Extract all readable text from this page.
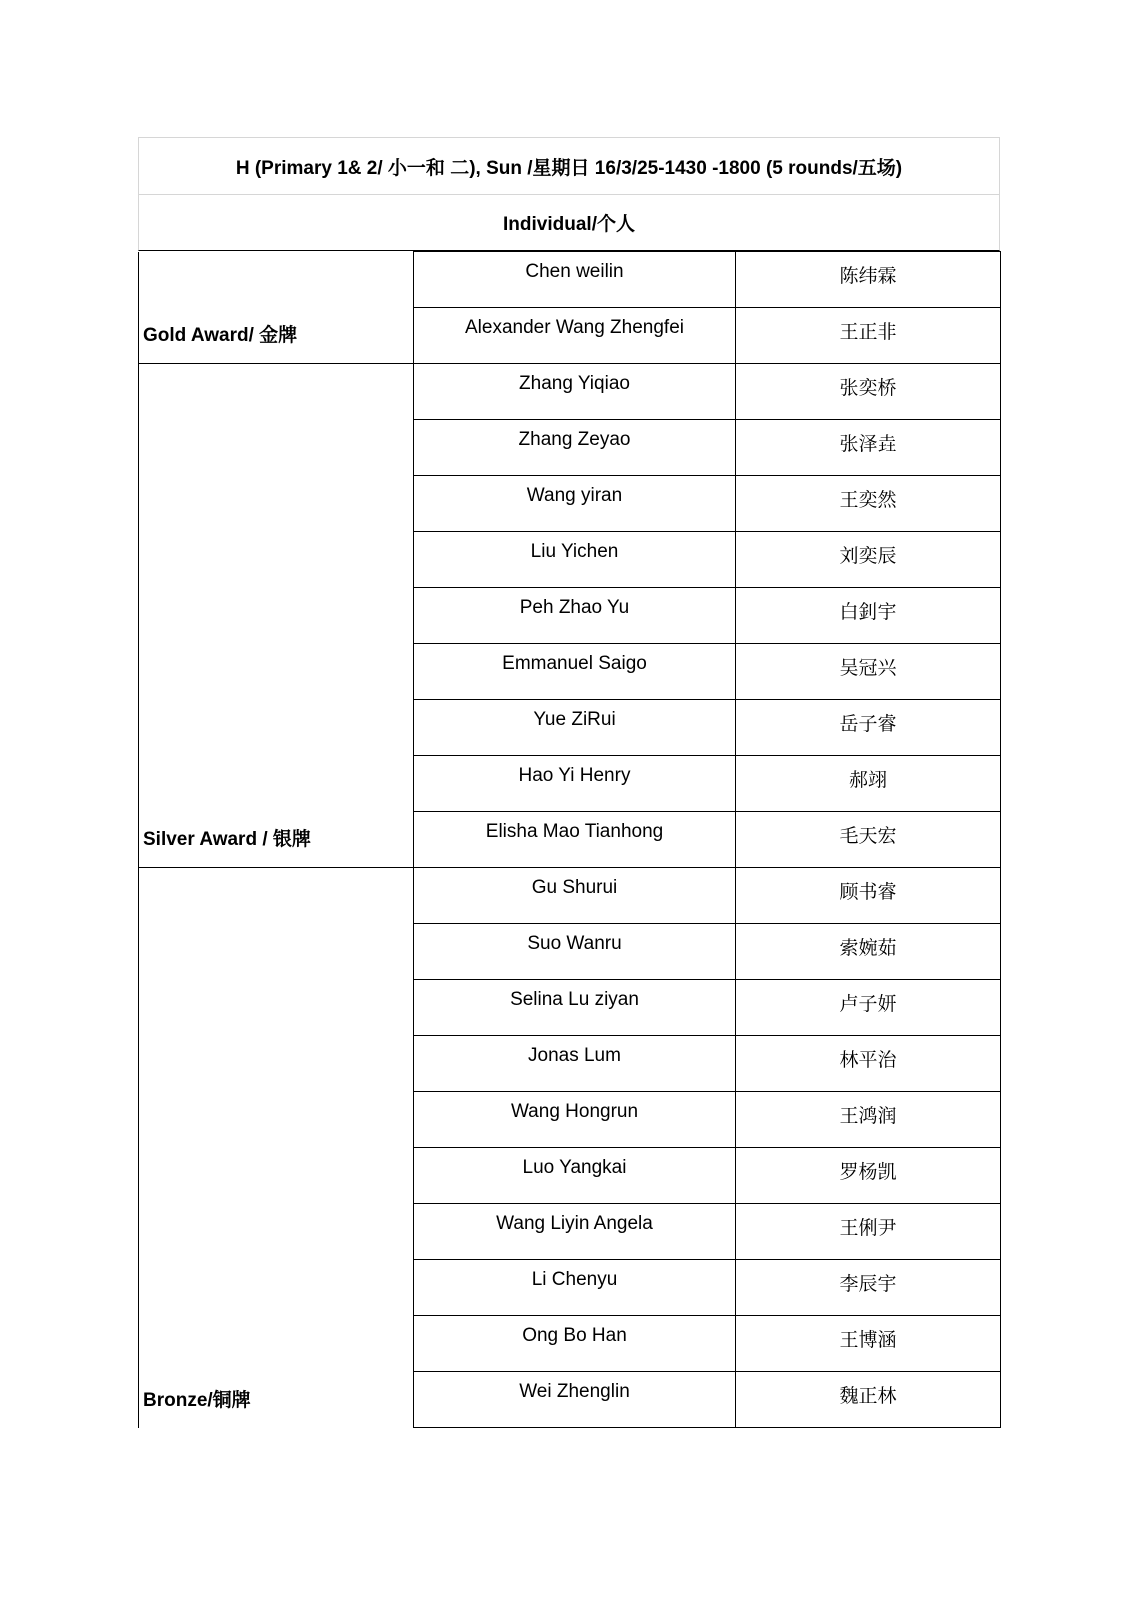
H (Primary 1& 2/ 小一和 二), Sun /星期日 16/3/25-1430 -1800 (5 rounds/五场)
Individual/个人
Gold Award/ 金牌	Chen weilin	陈纬霖
	Alexander Wang Zhengfei	王正非
Silver Award / 银牌	Zhang Yiqiao	张奕桥
	Zhang Zeyao	张泽垚
	Wang yiran	王奕然
	Liu Yichen	刘奕辰
	Peh Zhao Yu	白釗宇
	Emmanuel Saigo	吴冠兴
	Yue ZiRui	岳子睿
	Hao Yi Henry	郝翊
	Elisha Mao Tianhong	毛天宏
Bronze/铜牌	Gu Shurui	顾书睿
	Suo Wanru	索婉茹
	Selina Lu ziyan	卢子妍
	Jonas Lum	林平治
	Wang Hongrun	王鸿润
	Luo Yangkai	罗杨凯
	Wang Liyin Angela	王俐尹
	Li Chenyu	李辰宇
	Ong Bo Han	王博涵
	Wei Zhenglin	魏正林
